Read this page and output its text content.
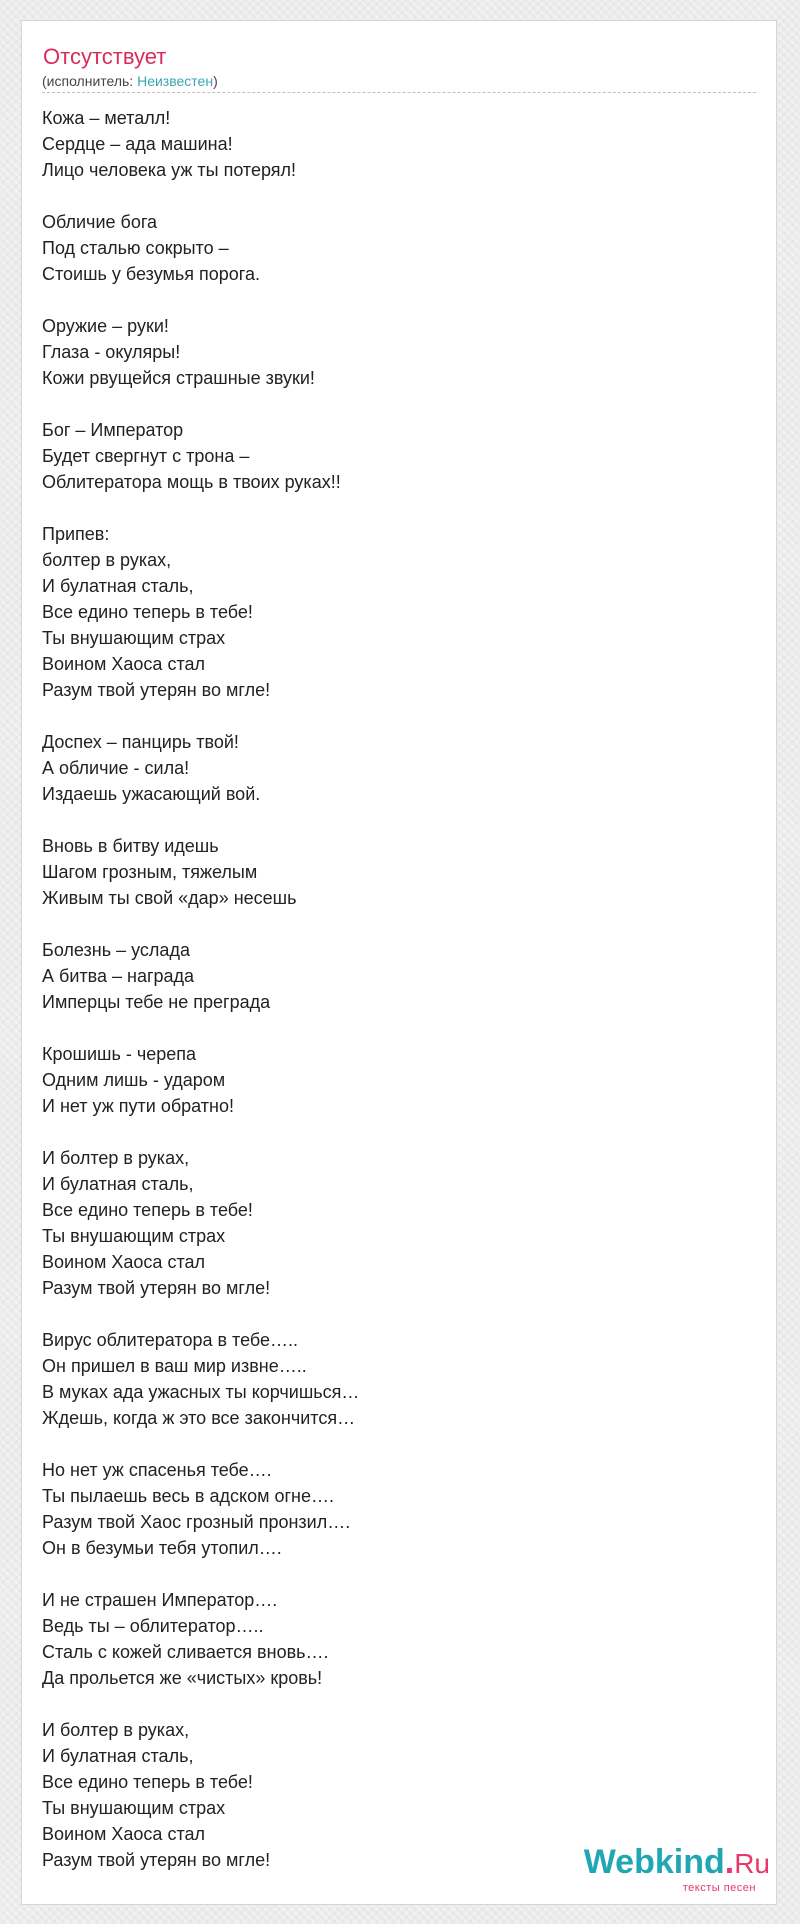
Отсутствует
(исполнитель: Неизвестен)
Кожа – металл!
Сердце – ада машина!
Лицо человека уж ты потерял!
Обличие бога
Под сталью сокрыто –
Стоишь у безумья порога.
Оружие – руки!
Глаза - окуляры!
Кожи рвущейся страшные звуки!
Бог – Император
Будет свергнут с трона –
Облитератора мощь в твоих руках!!
Припев:
болтер в руках,
И булатная сталь,
Все едино теперь в тебе!
Ты внушающим страх
Воином Хаоса стал
Разум твой утерян во мгле!
Доспех – панцирь твой!
А обличие - сила!
Издаешь ужасающий вой.
Вновь в битву идешь
Шагом грозным, тяжелым
Живым ты свой «дар» несешь
Болезнь – услада
А битва – награда
Имперцы тебе не преграда
Крошишь - черепа
Одним лишь - ударом
И нет уж пути обратно!
И болтер в руках,
И булатная сталь,
Все едино теперь в тебе!
Ты внушающим страх
Воином Хаоса стал
Разум твой утерян во мгле!
Вирус облитератора в тебе…..
Он пришел в ваш мир извне…..
В муках ада ужасных ты корчишься…
Ждешь, когда ж это все закончится…
Но нет уж спасенья тебе….
Ты пылаешь весь в адском огне….
Разум твой Хаос грозный пронзил….
Он в безумьи тебя утопил….
И не страшен Император….
Ведь ты – облитератор…..
Сталь с кожей сливается вновь….
Да прольется же «чистых» кровь!
И болтер в руках,
И булатная сталь,
Все едино теперь в тебе!
Ты внушающим страх
Воином Хаоса стал
Разум твой утерян во мгле!	Webkind.Ru
тексты песен
